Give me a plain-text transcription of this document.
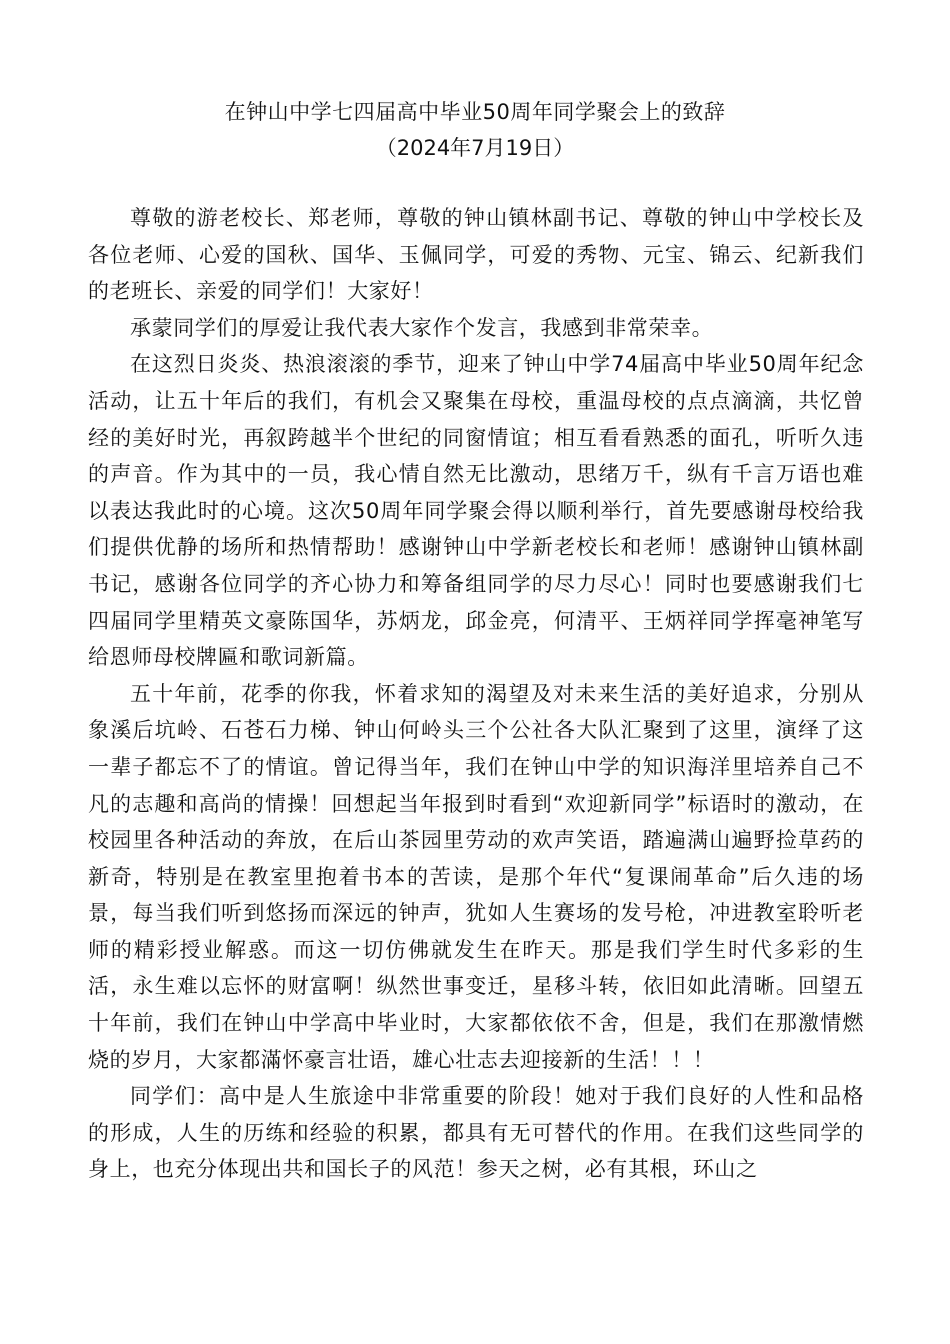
在钟山中学七四届高中毕业50周年同学聚会上的致辞
（2024年7月19日）

尊敬的游老校长、郑老师，尊敬的钟山镇林副书记、尊敬的钟山中学校长及各位老师、心爱的国秋、国华、玉佩同学，可爱的秀物、元宝、锦云、纪新我们的老班长、亲爱的同学们！大家好！

承蒙同学们的厚爱让我代表大家作个发言，我感到非常荣幸。

在这烈日炎炎、热浪滚滚的季节，迎来了钟山中学74届高中毕业50周年纪念活动，让五十年后的我们，有机会又聚集在母校，重温母校的点点滴滴，共忆曾经的美好时光，再叙跨越半个世纪的同窗情谊；相互看看熟悉的面孔，听听久违的声音。作为其中的一员，我心情自然无比激动，思绪万千，纵有千言万语也难以表达我此时的心境。这次50周年同学聚会得以顺利举行，首先要感谢母校给我们提供优静的场所和热情帮助！感谢钟山中学新老校长和老师！感谢钟山镇林副书记，感谢各位同学的齐心协力和筹备组同学的尽力尽心！同时也要感谢我们七四届同学里精英文豪陈国华，苏炳龙，邱金亮，何清平、王炳祥同学挥毫神笔写给恩师母校牌匾和歌词新篇。

五十年前，花季的你我，怀着求知的渴望及对未来生活的美好追求，分别从象溪后坑岭、石苍石力梯、钟山何岭头三个公社各大队汇聚到了这里，演绎了这一辈子都忘不了的情谊。曾记得当年，我们在钟山中学的知识海洋里培养自己不凡的志趣和高尚的情操！回想起当年报到时看到“欢迎新同学”标语时的激动，在校园里各种活动的奔放，在后山茶园里劳动的欢声笑语，踏遍满山遍野捡草药的新奇，特别是在教室里抱着书本的苦读，是那个年代“复课闹革命”后久违的场景，每当我们听到悠扬而深远的钟声，犹如人生赛场的发号枪，冲进教室聆听老师的精彩授业解惑。而这一切仿佛就发生在昨天。那是我们学生时代多彩的生活，永生难以忘怀的财富啊！纵然世事变迁，星移斗转，依旧如此清晰。回望五十年前，我们在钟山中学高中毕业时，大家都依依不舍，但是，我们在那激情燃烧的岁月，大家都滿怀豪言壮语，雄心壮志去迎接新的生活！！！

同学们：高中是人生旅途中非常重要的阶段！她对于我们良好的人性和品格的形成，人生的历练和经验的积累，都具有无可替代的作用。在我们这些同学的身上，也充分体现出共和国长子的风范！参天之树，必有其根，环山之
